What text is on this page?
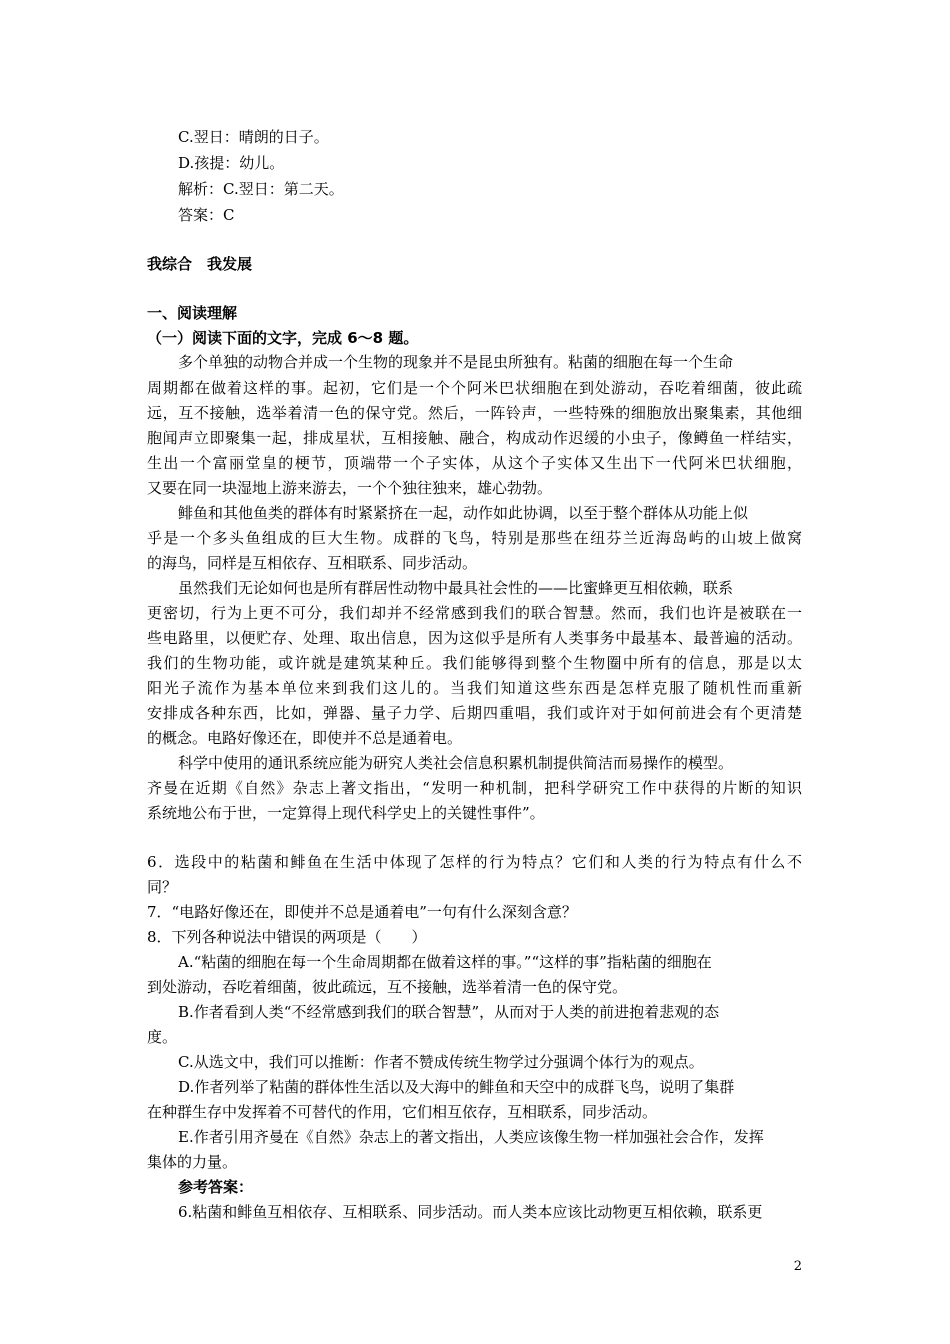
C.翌日：晴朗的日子。
D.孩提：幼儿。
解析：C.翌日：第二天。
答案：C
我综合　我发展
一、阅读理解
（一）阅读下面的文字，完成 6～8 题。
多个单独的动物合并成一个生物的现象并不是昆虫所独有。粘菌的细胞在每一个生命
周期都在做着这样的事。起初，它们是一个个阿米巴状细胞在到处游动，吞吃着细菌，彼此疏
远，互不接触，选举着清一色的保守党。然后，一阵铃声，一些特殊的细胞放出聚集素，其他细
胞闻声立即聚集一起，排成星状，互相接触、融合，构成动作迟缓的小虫子，像鳟鱼一样结实，
生出一个富丽堂皇的梗节，顶端带一个子实体，从这个子实体又生出下一代阿米巴状细胞，
又要在同一块湿地上游来游去，一个个独往独来，雄心勃勃。
鲱鱼和其他鱼类的群体有时紧紧挤在一起，动作如此协调，以至于整个群体从功能上似
乎是一个多头鱼组成的巨大生物。成群的飞鸟，特别是那些在纽芬兰近海岛屿的山坡上做窝
的海鸟，同样是互相依存、互相联系、同步活动。
虽然我们无论如何也是所有群居性动物中最具社会性的——比蜜蜂更互相依赖，联系
更密切，行为上更不可分，我们却并不经常感到我们的联合智慧。然而，我们也许是被联在一
些电路里，以便贮存、处理、取出信息，因为这似乎是所有人类事务中最基本、最普遍的活动。
我们的生物功能，或许就是建筑某种丘。我们能够得到整个生物圈中所有的信息，那是以太
阳光子流作为基本单位来到我们这儿的。当我们知道这些东西是怎样克服了随机性而重新
安排成各种东西，比如，弹器、量子力学、后期四重唱，我们或许对于如何前进会有个更清楚
的概念。电路好像还在，即使并不总是通着电。
科学中使用的通讯系统应能为研究人类社会信息积累机制提供简洁而易操作的模型。
齐曼在近期《自然》杂志上著文指出，“发明一种机制，把科学研究工作中获得的片断的知识
系统地公布于世，一定算得上现代科学史上的关键性事件”。
6．选段中的粘菌和鲱鱼在生活中体现了怎样的行为特点？它们和人类的行为特点有什么不
同？
7．“电路好像还在，即使并不总是通着电”一句有什么深刻含意？
8．下列各种说法中错误的两项是（　　）
A.“粘菌的细胞在每一个生命周期都在做着这样的事。”“这样的事”指粘菌的细胞在
到处游动，吞吃着细菌，彼此疏远，互不接触，选举着清一色的保守党。
B.作者看到人类“不经常感到我们的联合智慧”，从而对于人类的前进抱着悲观的态
度。
C.从选文中，我们可以推断：作者不赞成传统生物学过分强调个体行为的观点。
D.作者列举了粘菌的群体性生活以及大海中的鲱鱼和天空中的成群飞鸟，说明了集群
在种群生存中发挥着不可替代的作用，它们相互依存，互相联系，同步活动。
E.作者引用齐曼在《自然》杂志上的著文指出，人类应该像生物一样加强社会合作，发挥
集体的力量。
参考答案：
6.粘菌和鲱鱼互相依存、互相联系、同步活动。而人类本应该比动物更互相依赖，联系更
2
